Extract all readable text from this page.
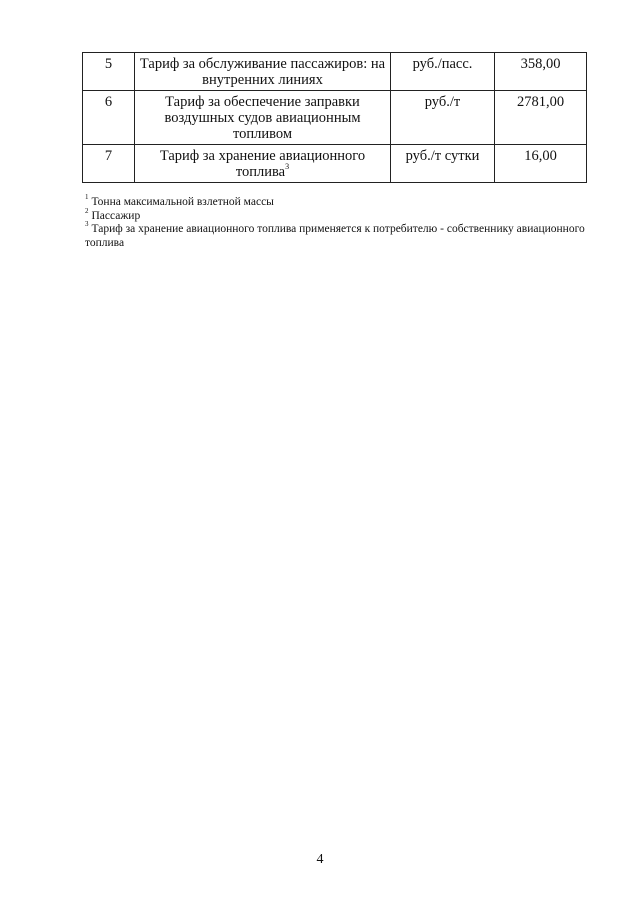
5	Тариф за обслуживание пассажиров: на внутренних линиях	руб./пасс.	358,00
6	Тариф за обеспечение заправки воздушных судов авиационным топливом	руб./т	2781,00
7	Тариф за хранение авиационного топлива$^3$	руб./т сутки	16,00
$^1$ Тонна максимальной взлетной массы
$^2$ Пассажир
$^3$ Тариф за хранение авиационного топлива применяется к потребителю - собственнику авиационного топлива
4
